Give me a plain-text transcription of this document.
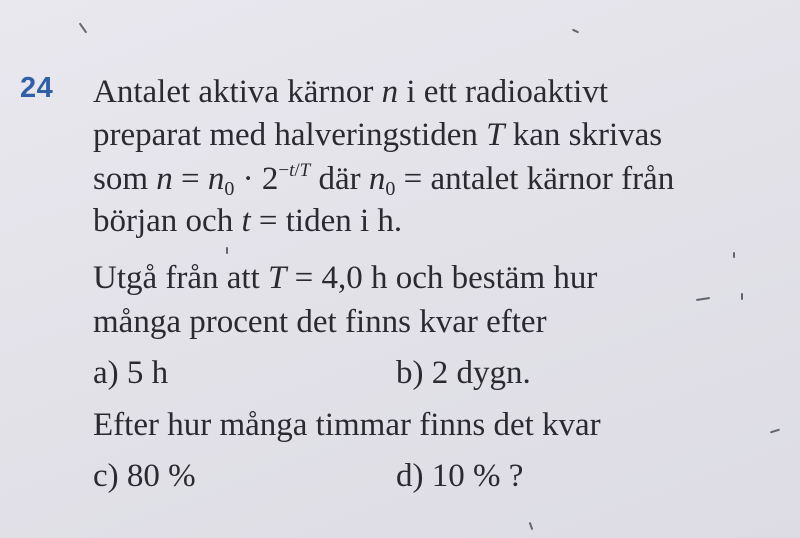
24 Antalet aktiva kärnor n i ett radioaktivt
preparat med halveringstiden T kan skrivas
som $n = n_0 \cdot 2^{-t/T}$ där $n_0$ = antalet kärnor från
början och t = tiden i h.
Utgå från att T = 4,0 h och bestäm hur
många procent det finns kvar efter
a) 5 h	b) 2 dygn.
Efter hur många timmar finns det kvar
c) 80 %	d) 10 % ?
